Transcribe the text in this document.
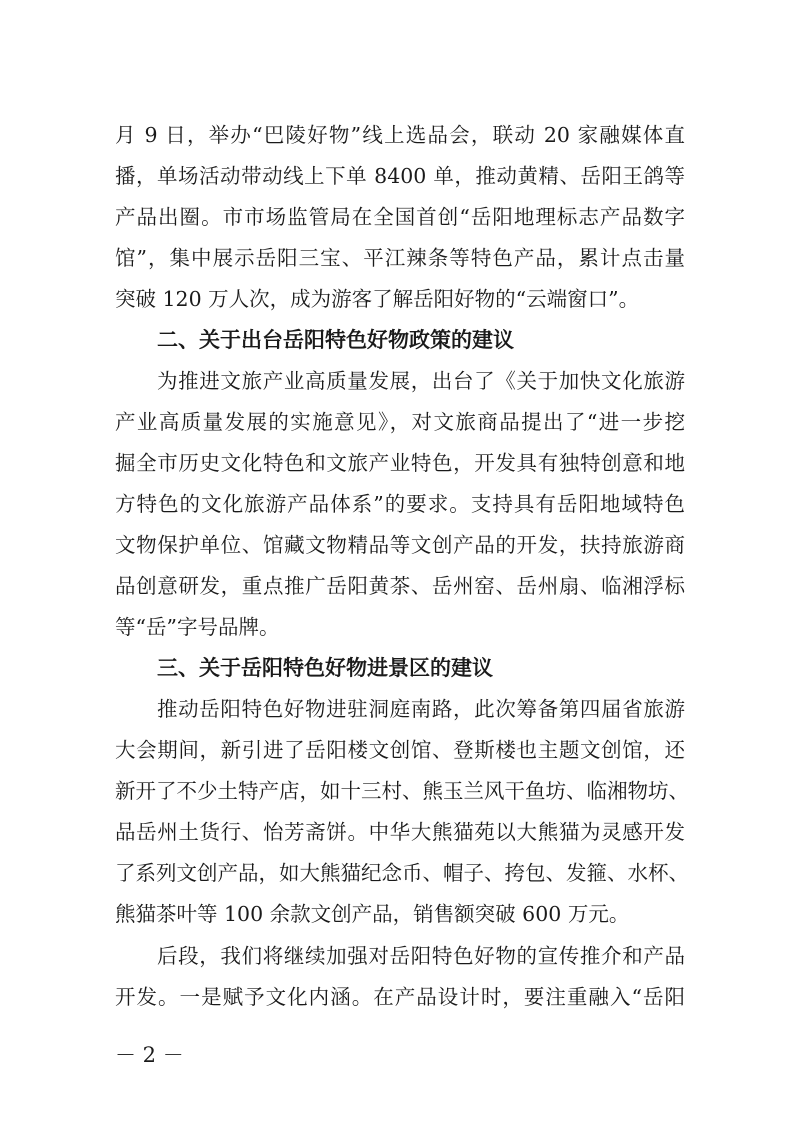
月 9 日，举办“巴陵好物”线上选品会，联动 20 家融媒体直
播，单场活动带动线上下单 8400 单，推动黄精、岳阳王鸽等
产品出圈。市市场监管局在全国首创“岳阳地理标志产品数字
馆”，集中展示岳阳三宝、平江辣条等特色产品，累计点击量
突破 120 万人次，成为游客了解岳阳好物的“云端窗口”。
二、关于出台岳阳特色好物政策的建议
为推进文旅产业高质量发展，出台了《关于加快文化旅游
产业高质量发展的实施意见》，对文旅商品提出了“进一步挖
掘全市历史文化特色和文旅产业特色，开发具有独特创意和地
方特色的文化旅游产品体系”的要求。支持具有岳阳地域特色
文物保护单位、馆藏文物精品等文创产品的开发，扶持旅游商
品创意研发，重点推广岳阳黄茶、岳州窑、岳州扇、临湘浮标
等“岳”字号品牌。
三、关于岳阳特色好物进景区的建议
推动岳阳特色好物进驻洞庭南路，此次筹备第四届省旅游
大会期间，新引进了岳阳楼文创馆、登斯楼也主题文创馆，还
新开了不少土特产店，如十三村、熊玉兰风干鱼坊、临湘物坊、
品岳州土货行、怡芳斋饼。中华大熊猫苑以大熊猫为灵感开发
了系列文创产品，如大熊猫纪念币、帽子、挎包、发箍、水杯、
熊猫茶叶等 100 余款文创产品，销售额突破 600 万元。
后段，我们将继续加强对岳阳特色好物的宣传推介和产品
开发。一是赋予文化内涵。在产品设计时，要注重融入“岳阳
－ 2 －
